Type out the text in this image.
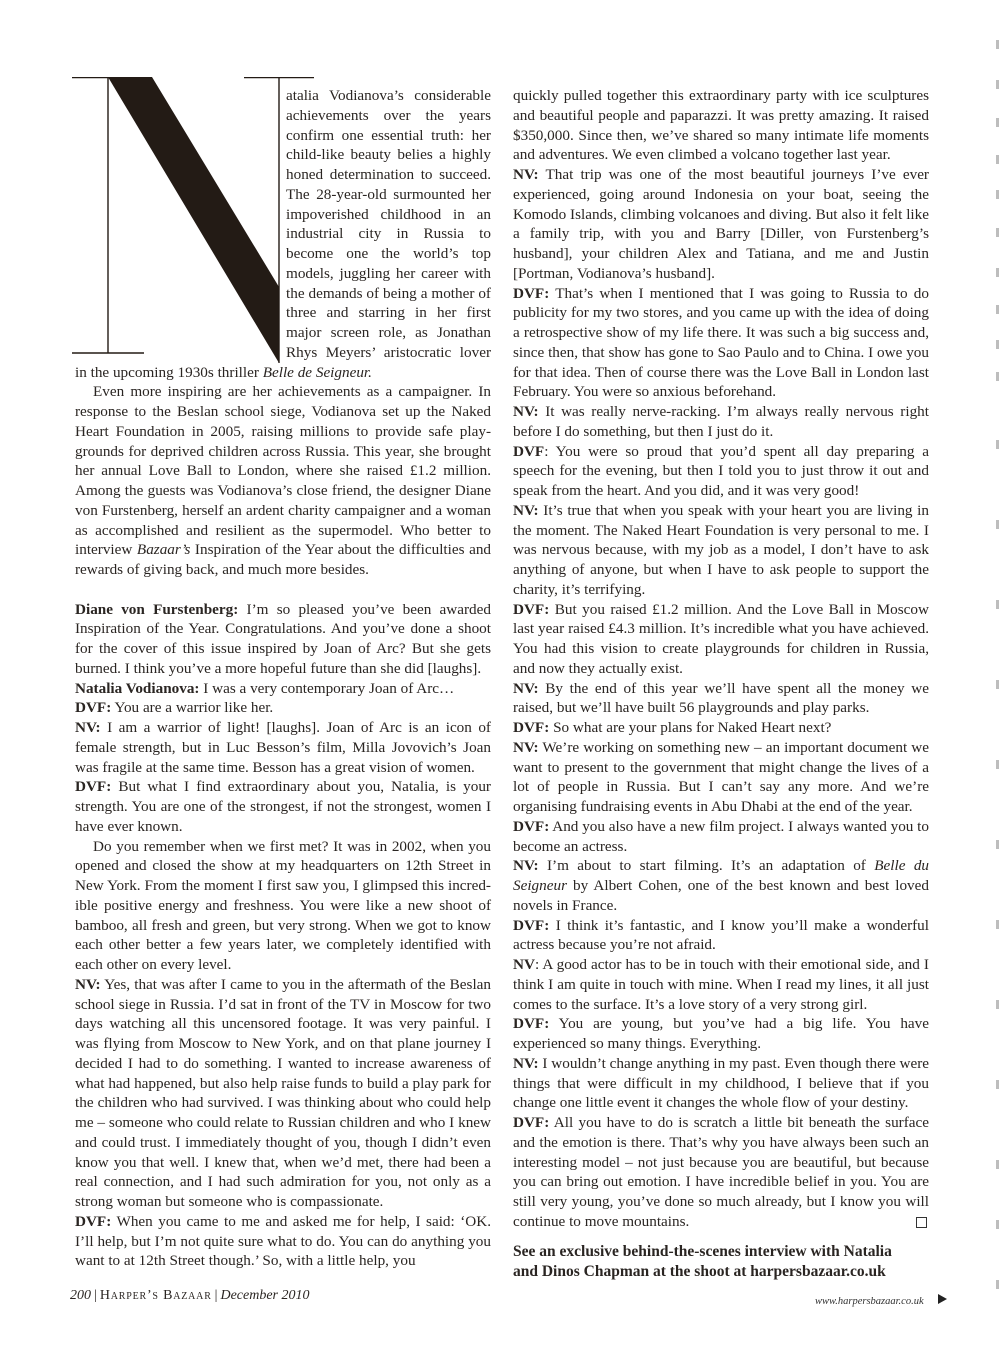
atalia Vodianova’s considerable achievements over the years confirm one essential truth: her child-like beauty belies a highly honed determination to succeed. The 28-year-old surmounted her impoverished childhood in an industrial city in Russia to become one the world’s top models, juggling her career with the demands of being a mother of three and starring in her first major screen role, as Jonathan Rhys Meyers’ aristocratic lover in the upcoming 1930s thriller Belle de Seigneur.

Even more inspiring are her achievements as a campaigner. In response to the Beslan school siege, Vodianova set up the Naked Heart Foundation in 2005, raising millions to provide safe play-grounds for deprived children across Russia. This year, she brought her annual Love Ball to London, where she raised £1.2 million. Among the guests was Vodianova’s close friend, the designer Diane von Furstenberg, herself an ardent charity campaigner and a woman as accomplished and resilient as the supermodel. Who better to interview Bazaar’s Inspiration of the Year about the difficulties and rewards of giving back, and much more besides.

Diane von Furstenberg: I’m so pleased you’ve been awarded Inspiration of the Year. Congratulations. And you’ve done a shoot for the cover of this issue inspired by Joan of Arc? But she gets burned. I think you’ve a more hopeful future than she did [laughs].

Natalia Vodianova: I was a very contemporary Joan of Arc…

DVF: You are a warrior like her.

NV: I am a warrior of light! [laughs]. Joan of Arc is an icon of female strength, but in Luc Besson’s film, Milla Jovovich’s Joan was fragile at the same time. Besson has a great vision of women.

DVF: But what I find extraordinary about you, Natalia, is your strength. You are one of the strongest, if not the strongest, women I have ever known.

Do you remember when we first met? It was in 2002, when you opened and closed the show at my headquarters on 12th Street in New York. From the moment I first saw you, I glimpsed this incred-ible positive energy and freshness. You were like a new shoot of bamboo, all fresh and green, but very strong. When we got to know each other better a few years later, we completely identified with each other on every level.

NV: Yes, that was after I came to you in the aftermath of the Beslan school siege in Russia. I’d sat in front of the TV in Moscow for two days watching all this uncensored footage. It was very painful. I was flying from Moscow to New York, and on that plane journey I decided I had to do something. I wanted to increase awareness of what had happened, but also help raise funds to build a play park for the children who had survived. I was thinking about who could help me – someone who could relate to Russian children and who I knew and could trust. I immediately thought of you, though I didn’t even know you that well. I knew that, when we’d met, there had been a real connection, and I had such admiration for you, not only as a strong woman but someone who is compassionate.

DVF: When you came to me and asked me for help, I said: ‘OK. I’ll help, but I’m not quite sure what to do. You can do anything you want to at 12th Street though.’ So, with a little help, you

quickly pulled together this extraordinary party with ice sculptures and beautiful people and paparazzi. It was pretty amazing. It raised $350,000. Since then, we’ve shared so many intimate life moments and adventures. We even climbed a volcano together last year.

NV: That trip was one of the most beautiful journeys I’ve ever experienced, going around Indonesia on your boat, seeing the Komodo Islands, climbing volcanoes and diving. But also it felt like a family trip, with you and Barry [Diller, von Furstenberg’s husband], your children Alex and Tatiana, and me and Justin [Portman, Vodianova’s husband].

DVF: That’s when I mentioned that I was going to Russia to do publicity for my two stores, and you came up with the idea of doing a retrospective show of my life there. It was such a big success and, since then, that show has gone to Sao Paulo and to China. I owe you for that idea. Then of course there was the Love Ball in London last February. You were so anxious beforehand.

NV: It was really nerve-racking. I’m always really nervous right before I do something, but then I just do it.

DVF: You were so proud that you’d spent all day preparing a speech for the evening, but then I told you to just throw it out and speak from the heart. And you did, and it was very good!

NV: It’s true that when you speak with your heart you are living in the moment. The Naked Heart Foundation is very personal to me. I was nervous because, with my job as a model, I don’t have to ask anything of anyone, but when I have to ask people to support the charity, it’s terrifying.

DVF: But you raised £1.2 million. And the Love Ball in Moscow last year raised £4.3 million. It’s incredible what you have achieved. You had this vision to create playgrounds for children in Russia, and now they actually exist.

NV: By the end of this year we’ll have spent all the money we raised, but we’ll have built 56 playgrounds and play parks.

DVF: So what are your plans for Naked Heart next?

NV: We’re working on something new – an important document we want to present to the government that might change the lives of a lot of people in Russia. But I can’t say any more. And we’re organising fundraising events in Abu Dhabi at the end of the year.

DVF: And you also have a new film project. I always wanted you to become an actress.

NV: I’m about to start filming. It’s an adaptation of Belle du Seigneur by Albert Cohen, one of the best known and best loved novels in France.

DVF: I think it’s fantastic, and I know you’ll make a wonderful actress because you’re not afraid.

NV: A good actor has to be in touch with their emotional side, and I think I am quite in touch with mine. When I read my lines, it all just comes to the surface. It’s a love story of a very strong girl.

DVF: You are young, but you’ve had a big life. You have experienced so many things. Everything.

NV: I wouldn’t change anything in my past. Even though there were things that were difficult in my childhood, I believe that if you change one little event it changes the whole flow of your destiny.

DVF: All you have to do is scratch a little bit beneath the surface and the emotion is there. That’s why you have always been such an interesting model – not just because you are beautiful, but because you can bring out emotion. I have incredible belief in you. You are still very young, you’ve done so much already, but I know you will continue to move mountains.

See an exclusive behind-the-scenes interview with Natalia
and Dinos Chapman at the shoot at harpersbazaar.co.uk
200 | Harper’s Bazaar | December 2010	www.harpersbazaar.co.uk
